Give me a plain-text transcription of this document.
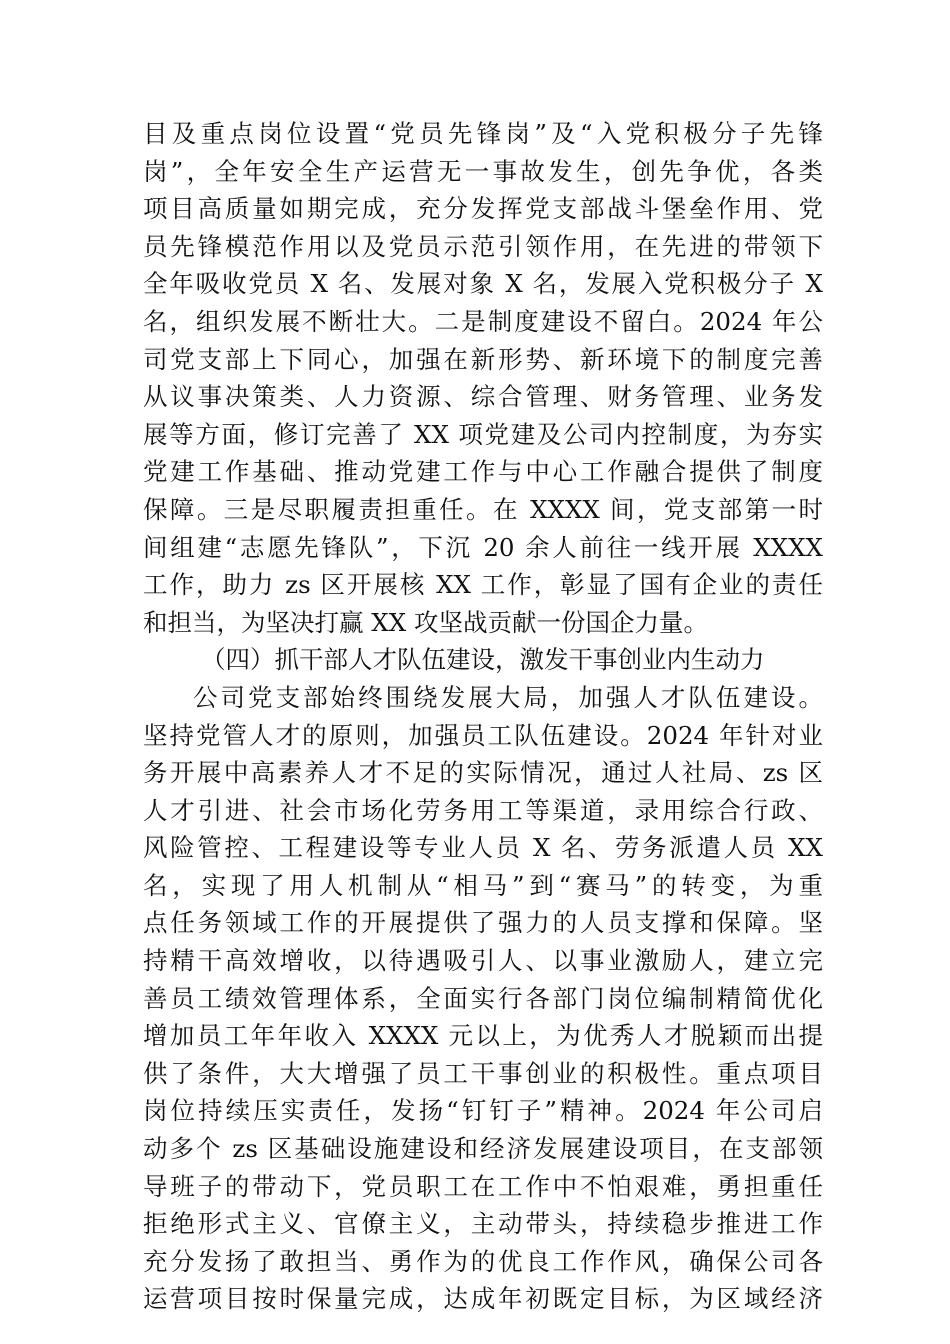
目及重点岗位设置“党员先锋岗”及“入党积极分子先锋
岗”，全年安全生产运营无一事故发生，创先争优，各类
项目高质量如期完成，充分发挥党支部战斗堡垒作用、党
员先锋模范作用以及党员示范引领作用，在先进的带领下
全年吸收党员 X 名、发展对象 X 名，发展入党积极分子 X
名，组织发展不断壮大。二是制度建设不留白。2024 年公
司党支部上下同心，加强在新形势、新环境下的制度完善
从议事决策类、人力资源、综合管理、财务管理、业务发
展等方面，修订完善了 XX 项党建及公司内控制度，为夯实
党建工作基础、推动党建工作与中心工作融合提供了制度
保障。三是尽职履责担重任。在 XXXX 间，党支部第一时
间组建“志愿先锋队”，下沉 20 余人前往一线开展 XXXX
工作，助力 zs 区开展核 XX 工作，彰显了国有企业的责任
和担当，为坚决打赢 XX 攻坚战贡献一份国企力量。
（四）抓干部人才队伍建设，激发干事创业内生动力
公司党支部始终围绕发展大局，加强人才队伍建设。
坚持党管人才的原则，加强员工队伍建设。2024 年针对业
务开展中高素养人才不足的实际情况，通过人社局、zs 区
人才引进、社会市场化劳务用工等渠道，录用综合行政、
风险管控、工程建设等专业人员 X 名、劳务派遣人员 XX
名，实现了用人机制从“相马”到“赛马”的转变，为重
点任务领域工作的开展提供了强力的人员支撑和保障。坚
持精干高效增收，以待遇吸引人、以事业激励人，建立完
善员工绩效管理体系，全面实行各部门岗位编制精简优化
增加员工年年收入 XXXX 元以上，为优秀人才脱颖而出提
供了条件，大大增强了员工干事创业的积极性。重点项目
岗位持续压实责任，发扬“钉钉子”精神。2024 年公司启
动多个 zs 区基础设施建设和经济发展建设项目，在支部领
导班子的带动下，党员职工在工作中不怕艰难，勇担重任
拒绝形式主义、官僚主义，主动带头，持续稳步推进工作
充分发扬了敢担当、勇作为的优良工作作风，确保公司各
运营项目按时保量完成，达成年初既定目标，为区域经济
